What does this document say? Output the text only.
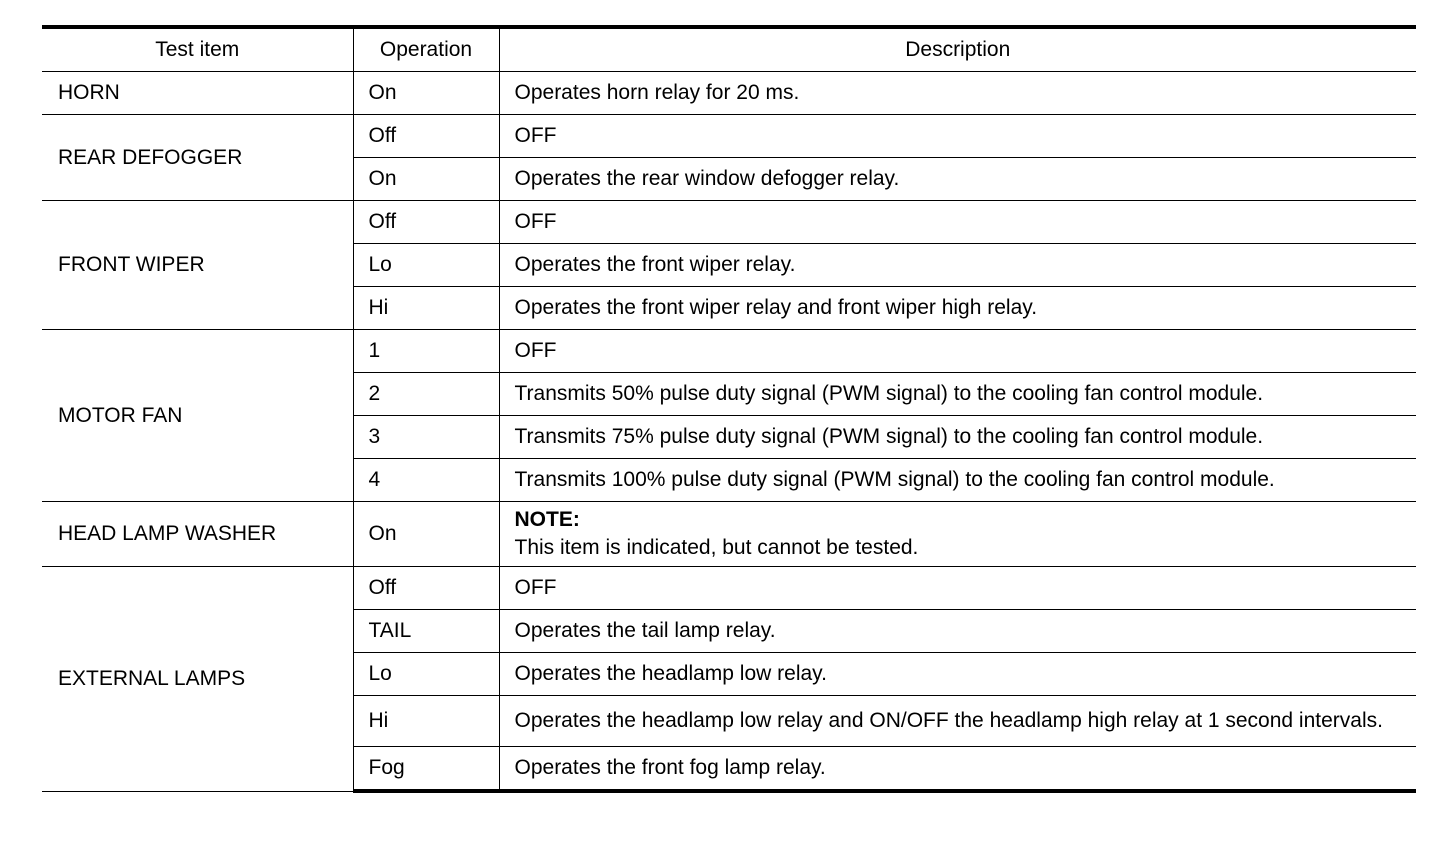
Test item	Operation	Description
HORN	On	Operates horn relay for 20 ms.
REAR DEFOGGER	Off	OFF
	On	Operates the rear window defogger relay.
FRONT WIPER	Off	OFF
	Lo	Operates the front wiper relay.
	Hi	Operates the front wiper relay and front wiper high relay.
MOTOR FAN	1	OFF
	2	Transmits 50% pulse duty signal (PWM signal) to the cooling fan control module.
	3	Transmits 75% pulse duty signal (PWM signal) to the cooling fan control module.
	4	Transmits 100% pulse duty signal (PWM signal) to the cooling fan control module.
HEAD LAMP WASHER	On	NOTE:
This item is indicated, but cannot be tested.

EXTERNAL LAMPS	Off	OFF
	TAIL	Operates the tail lamp relay.
	Lo	Operates the headlamp low relay.
	Hi	Operates the headlamp low relay and ON/OFF the headlamp high relay at 1 second intervals.
	Fog	Operates the front fog lamp relay.
